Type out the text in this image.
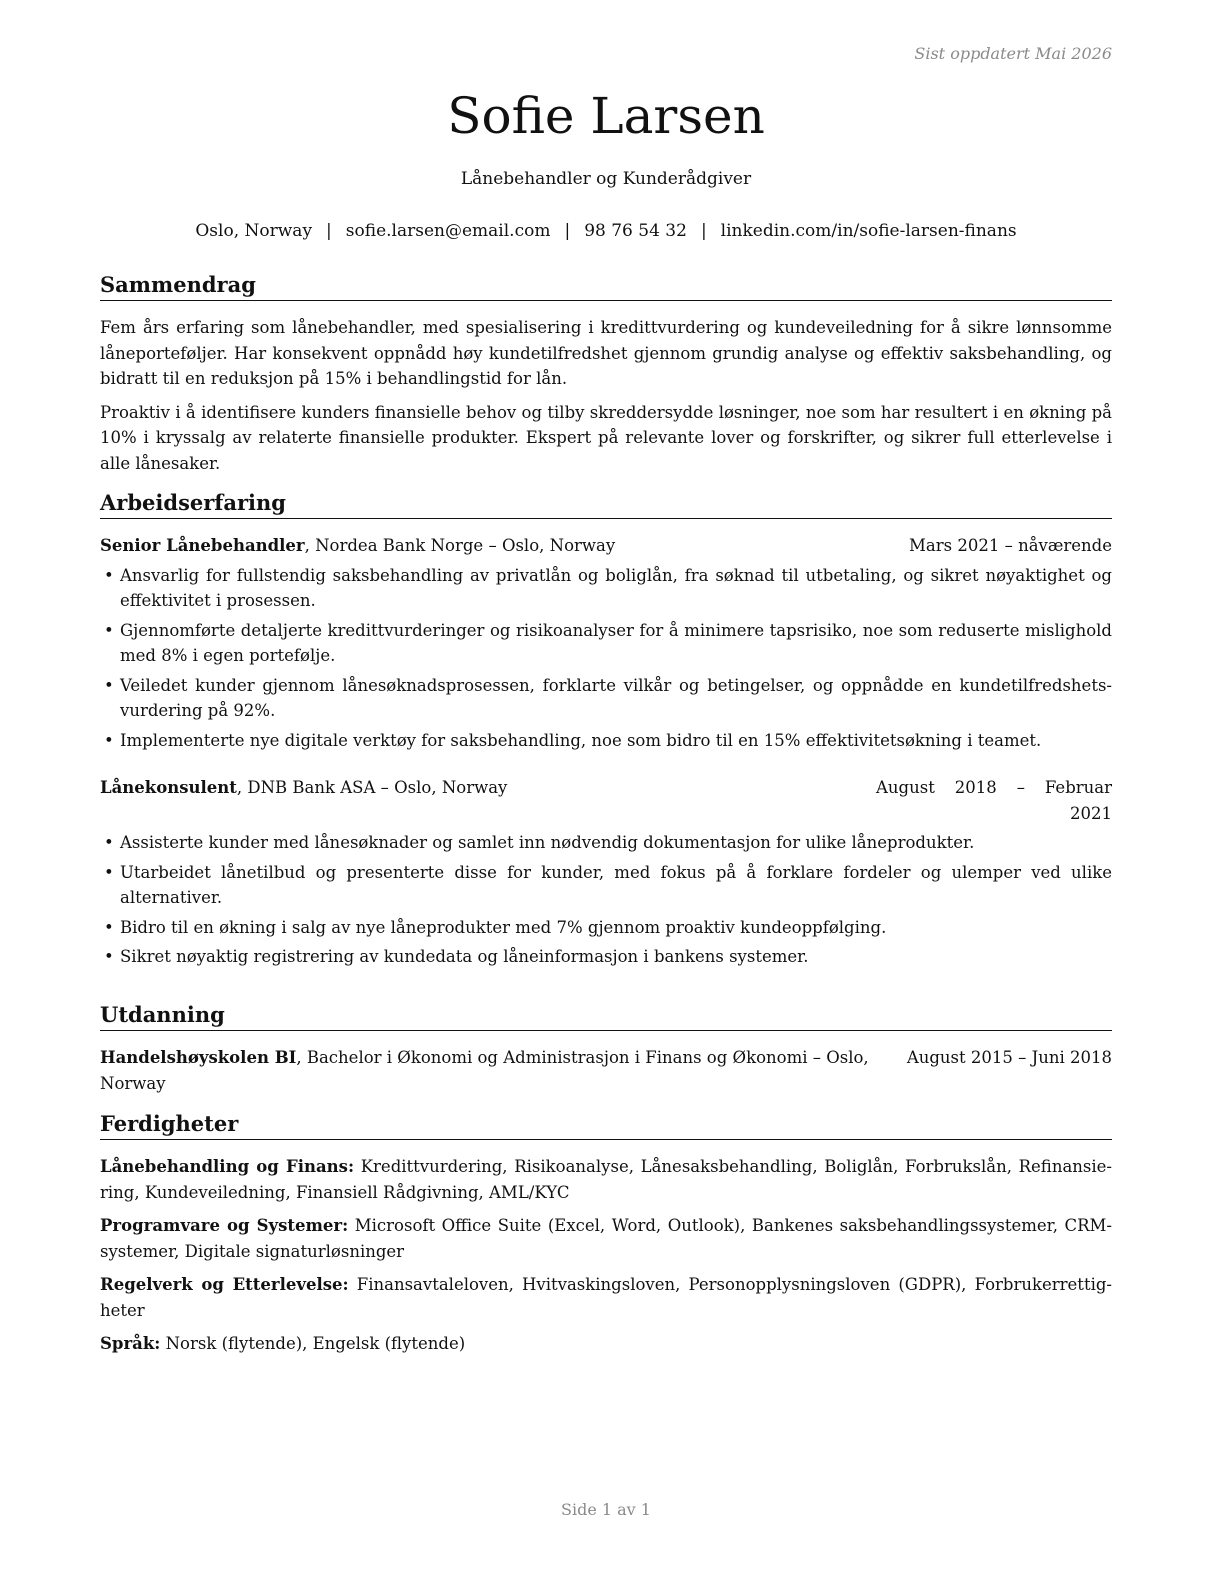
Sist oppdatert Mai 2026
Sofie Larsen
Lånebehandler og Kunderådgiver
Oslo, Norway | sofie.larsen@email.com | 98 76 54 32 | linkedin.com/in/sofie-larsen-finans
Sammendrag

Fem års erfaring som lånebehandler, med spesialisering i kredittvurdering og kundeveiledning for å sikre lønnsomme låneporteføljer. Har konsekvent oppnådd høy kundetilfredshet gjennom grundig analyse og effektiv saksbehandling, og bidratt til en reduksjon på 15% i behandlingstid for lån.

Proaktiv i å identifisere kunders finansielle behov og tilby skreddersydde løsninger, noe som har resultert i en økning på 10% i kryssalg av relaterte finansielle produkter. Ekspert på relevante lover og forskrifter, og sikrer full etterlevelse i alle lånesaker.

Arbeidserfaring
Senior Lånebehandler, Nordea Bank Norge – Oslo, Norway	Mars 2021 – nåværende
• Ansvarlig for fullstendig saksbehandling av privatlån og boliglån, fra søknad til utbetaling, og sikret nøyaktighet og effektivitet i prosessen.
• Gjennomførte detaljerte kredittvurderinger og risikoanalyser for å minimere tapsrisiko, noe som reduserte mislighold med 8% i egen portefølje.
• Veiledet kunder gjennom lånesøknadsprosessen, forklarte vilkår og betingelser, og oppnådde en kundetilfredshetsvurdering på 92%.
• Implementerte nye digitale verktøy for saksbehandling, noe som bidro til en 15% effektivitetsøkning i teamet.
Lånekonsulent, DNB Bank ASA – Oslo, Norway	August 2018 – Februar 2021
• Assisterte kunder med lånesøknader og samlet inn nødvendig dokumentasjon for ulike låneprodukter.
• Utarbeidet lånetilbud og presenterte disse for kunder, med fokus på å forklare fordeler og ulemper ved ulike alternativer.
• Bidro til en økning i salg av nye låneprodukter med 7% gjennom proaktiv kundeoppfølging.
• Sikret nøyaktig registrering av kundedata og låneinformasjon i bankens systemer.
Utdanning
Handelshøyskolen BI, Bachelor i Økonomi og Administrasjon i Finans og Økonomi – Oslo, Norway
August 2015 – Juni 2018
Ferdigheter
Lånebehandling og Finans: Kredittvurdering, Risikoanalyse, Lånesaksbehandling, Boliglån, Forbrukslån, Refinansiering, Kundeveiledning, Finansiell Rådgivning, AML/KYC
Programvare og Systemer: Microsoft Office Suite (Excel, Word, Outlook), Bankenes saksbehandlingssystemer, CRM-systemer, Digitale signaturløsninger
Regelverk og Etterlevelse: Finansavtaleloven, Hvitvaskingsloven, Personopplysningsloven (GDPR), Forbrukerrettigheter
Språk: Norsk (flytende), Engelsk (flytende)
Side 1 av 1
